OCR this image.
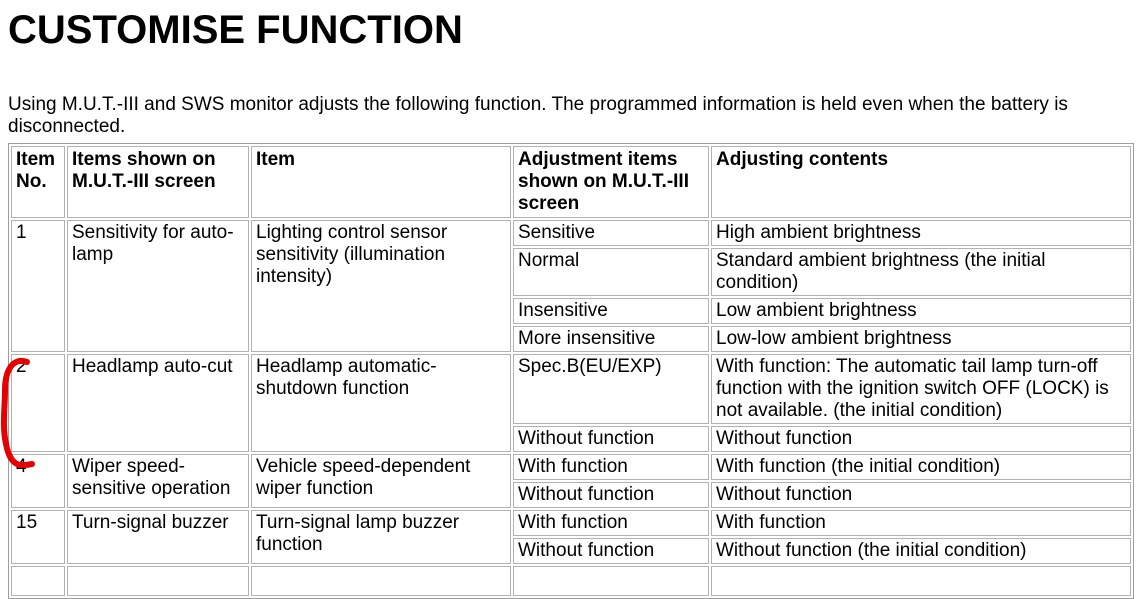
CUSTOMISE FUNCTION

Using M.U.T.-III and SWS monitor adjusts the following function. The programmed information is held even when the battery is disconnected.

Item No.	Items shown on M.U.T.-III screen	Item	Adjustment items shown on M.U.T.-III screen	Adjusting contents
1	Sensitivity for auto-lamp	Lighting control sensor sensitivity (illumination intensity)	Sensitive	High ambient brightness
			Normal	Standard ambient brightness (the initial condition)
			Insensitive	Low ambient brightness
			More insensitive	Low-low ambient brightness
2	Headlamp auto-cut	Headlamp automatic-shutdown function	Spec.B(EU/EXP)	With function: The automatic tail lamp turn-off function with the ignition switch OFF (LOCK) is not available. (the initial condition)
			Without function	Without function
4	Wiper speed-sensitive operation	Vehicle speed-dependent wiper function	With function	With function (the initial condition)
			Without function	Without function
15	Turn-signal buzzer	Turn-signal lamp buzzer function	With function	With function
			Without function	Without function (the initial condition)
